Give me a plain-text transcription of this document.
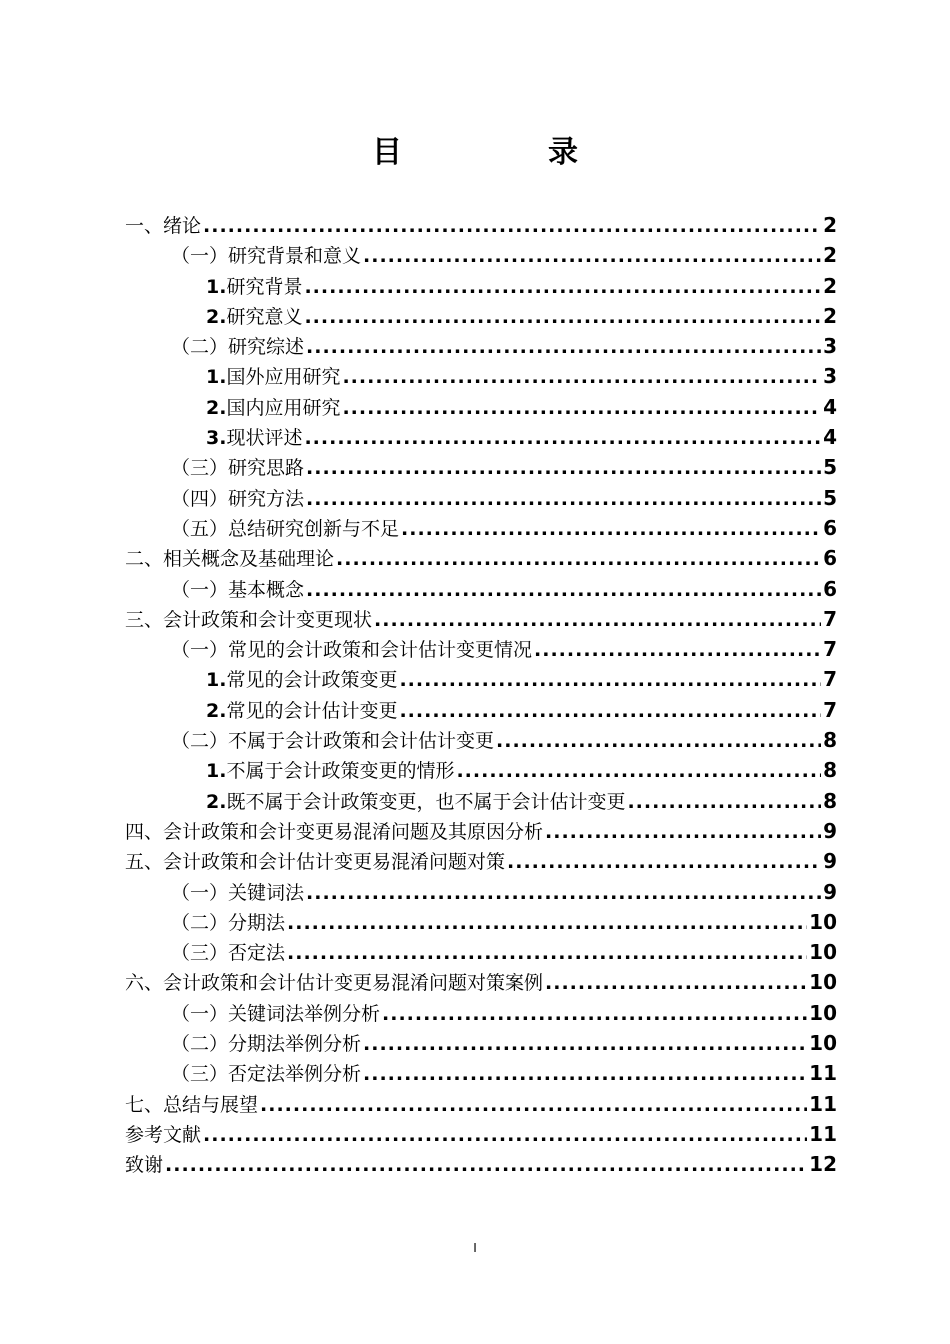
目　录
一、绪论 .....	2
（一）研究背景和意义 .....	2
1.研究背景 .....	2
2.研究意义 .....	2
（二）研究综述 .....	3
1.国外应用研究 .....	3
2.国内应用研究 .....	4
3.现状评述 .....	4
（三）研究思路 .....	5
（四）研究方法 .....	5
（五）总结研究创新与不足 .....	6
二、相关概念及基础理论 .....	6
（一）基本概念 .....	6
三、会计政策和会计变更现状 .....	7
（一）常见的会计政策和会计估计变更情况 .....	7
1.常见的会计政策变更 .....	7
2.常见的会计估计变更 .....	7
（二）不属于会计政策和会计估计变更 .....	8
1.不属于会计政策变更的情形 .....	8
2.既不属于会计政策变更，也不属于会计估计变更 .....	8
四、会计政策和会计变更易混淆问题及其原因分析 .....	9
五、会计政策和会计估计变更易混淆问题对策 .....	9
（一）关键词法 .....	9
（二）分期法 .....	10
（三）否定法 .....	10
六、会计政策和会计估计变更易混淆问题对策案例 .....	10
（一）关键词法举例分析 .....	10
（二）分期法举例分析 .....	10
（三）否定法举例分析 .....	11
七、总结与展望 .....	11
参考文献 .....	11
致谢 .....	12
I
